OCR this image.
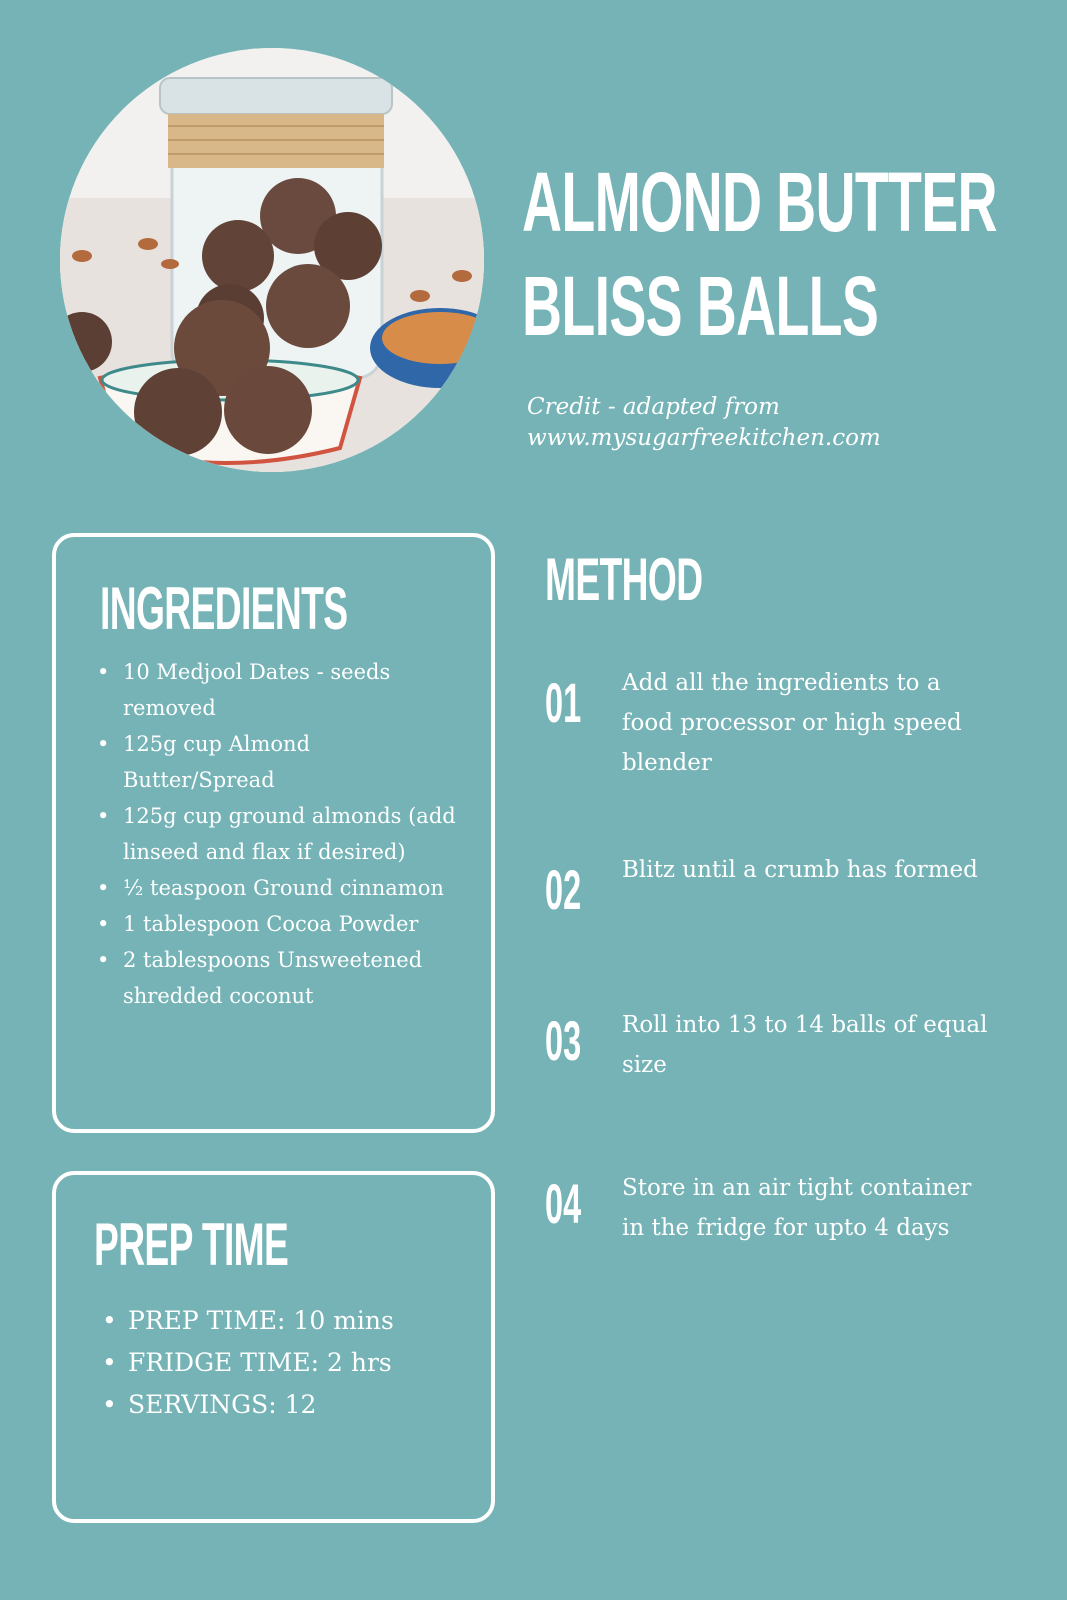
ALMOND BUTTER
BLISS BALLS
Credit - adapted from
www.mysugarfreekitchen.com
INGREDIENTS
• 10 Medjool Dates - seeds removed
• 125g cup Almond Butter/Spread
• 125g cup ground almonds (add linseed and flax if desired)
• ½ teaspoon Ground cinnamon
• 1 tablespoon Cocoa Powder
• 2 tablespoons Unsweetened shredded coconut
PREP TIME
• PREP TIME: 10 mins
• FRIDGE TIME: 2 hrs
• SERVINGS: 12
METHOD
01 Add all the ingredients to a food processor or high speed blender
02 Blitz until a crumb has formed
03 Roll into 13 to 14 balls of equal size
04 Store in an air tight container in the fridge for upto 4 days
